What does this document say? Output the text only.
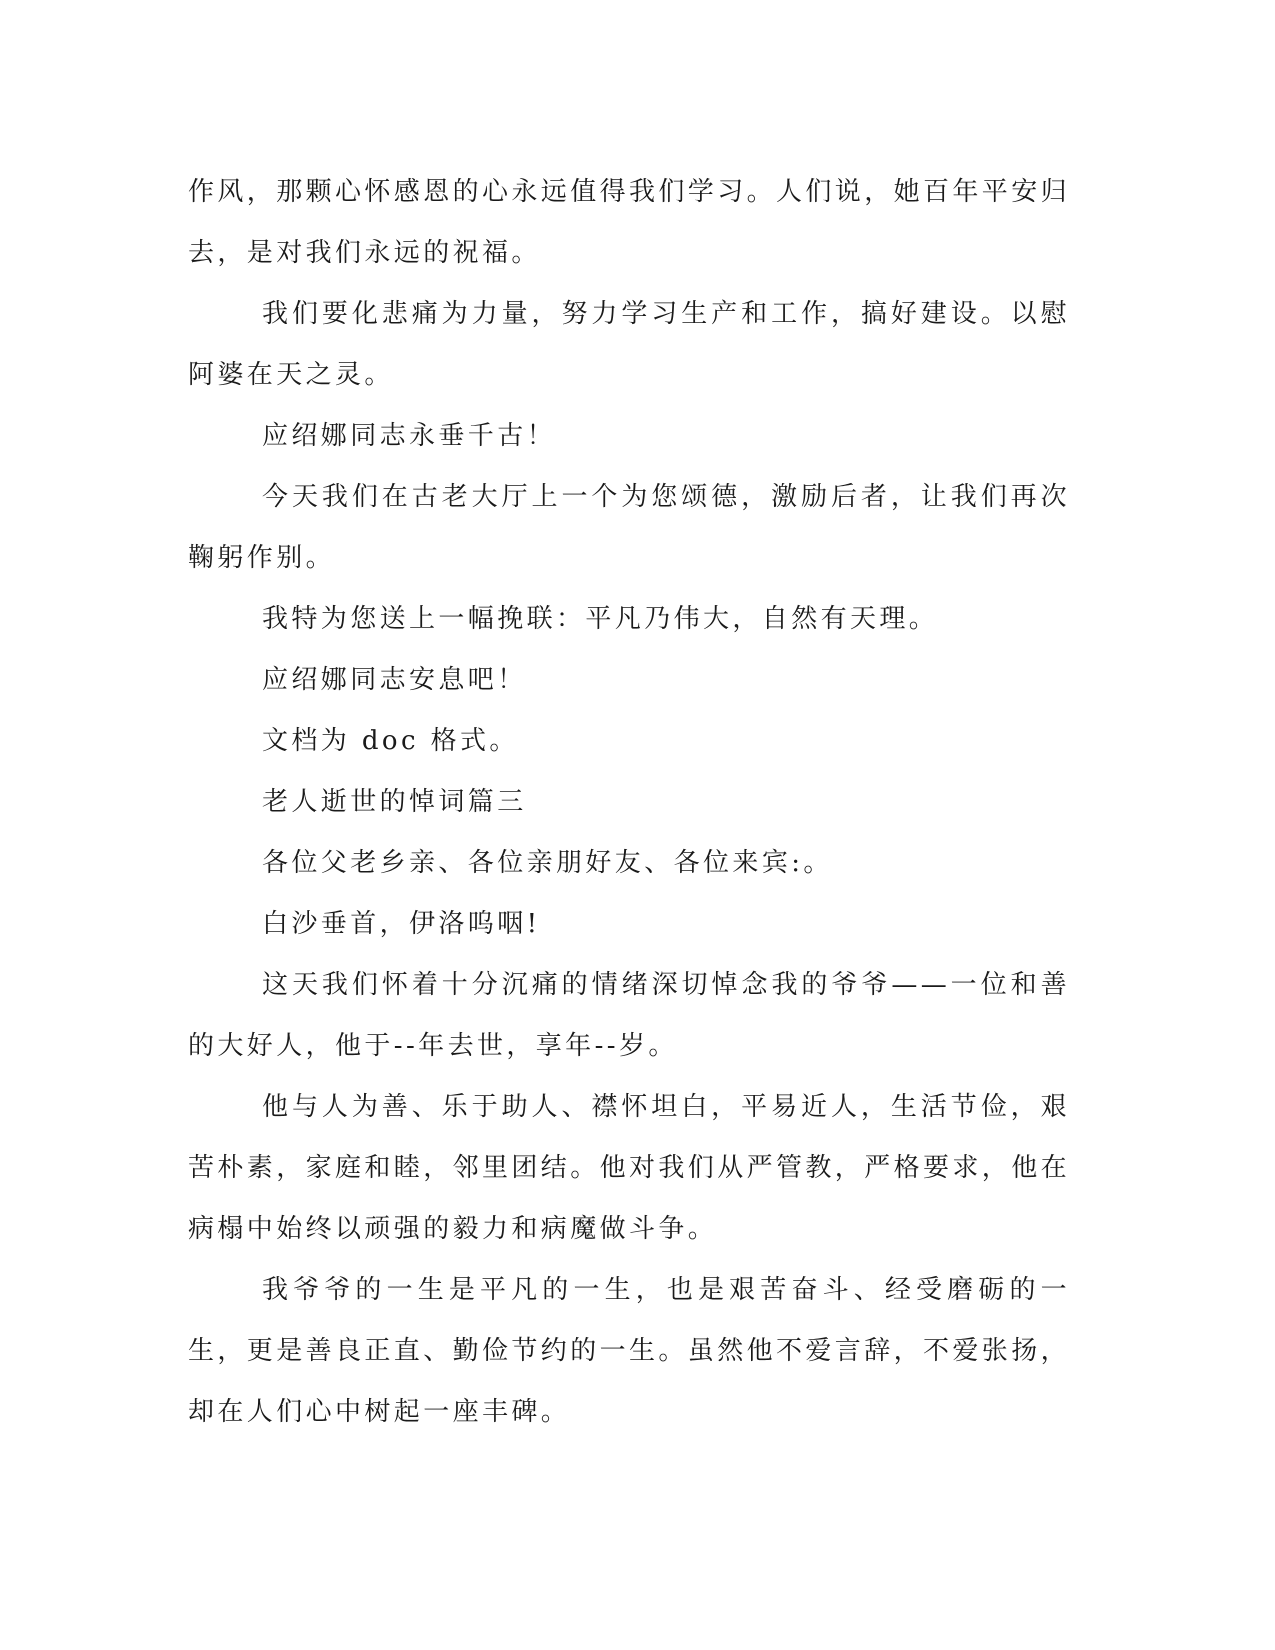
作风，那颗心怀感恩的心永远值得我们学习。人们说，她百年平安归去，是对我们永远的祝福。

我们要化悲痛为力量，努力学习生产和工作，搞好建设。以慰阿婆在天之灵。

应绍娜同志永垂千古！

今天我们在古老大厅上一个为您颂德，激励后者，让我们再次鞠躬作别。

我特为您送上一幅挽联：平凡乃伟大，自然有天理。

应绍娜同志安息吧！

文档为 doc 格式。

老人逝世的悼词篇三

各位父老乡亲、各位亲朋好友、各位来宾:。

白沙垂首，伊洛呜咽!

这天我们怀着十分沉痛的情绪深切悼念我的爷爷——一位和善的大好人，他于--年去世，享年--岁。

他与人为善、乐于助人、襟怀坦白，平易近人，生活节俭，艰苦朴素，家庭和睦，邻里团结。他对我们从严管教，严格要求，他在病榻中始终以顽强的毅力和病魔做斗争。

我爷爷的一生是平凡的一生，也是艰苦奋斗、经受磨砺的一生，更是善良正直、勤俭节约的一生。虽然他不爱言辞，不爱张扬，却在人们心中树起一座丰碑。
